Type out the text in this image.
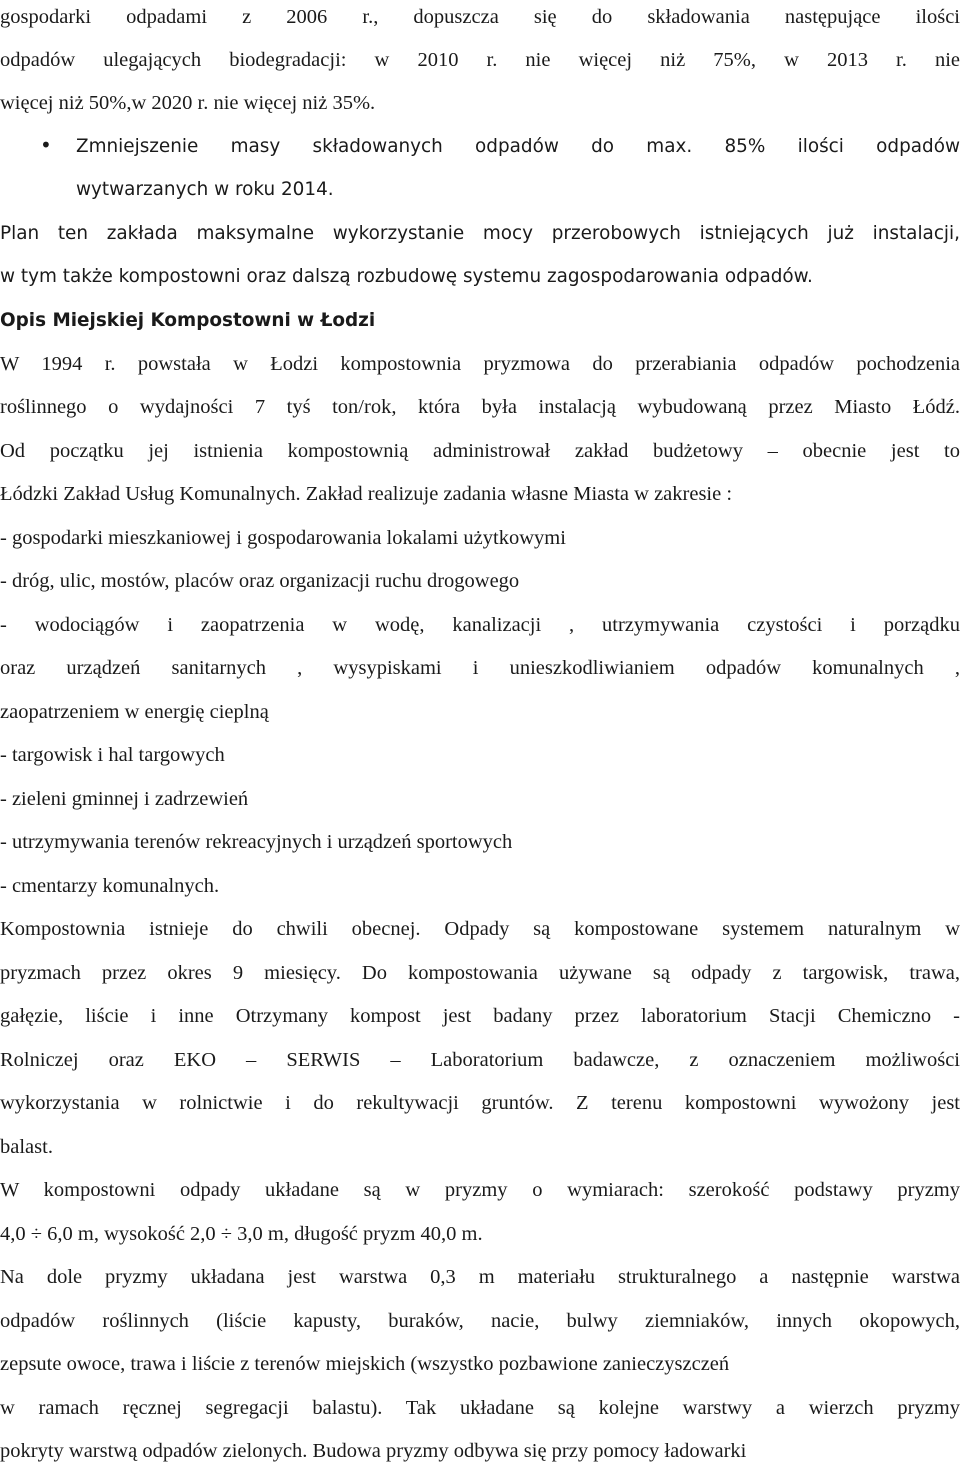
gospodarki odpadami z 2006 r., dopuszcza się do składowania następujące ilości

odpadów ulegających biodegradacji: w 2010 r. nie więcej niż 75%, w 2013 r. nie

więcej niż 50%,w 2020 r. nie więcej niż 35%.

• Zmniejszenie masy składowanych odpadów do max. 85% ilości odpadów

wytwarzanych w roku 2014.

Plan ten zakłada maksymalne wykorzystanie mocy przerobowych istniejących już instalacji,

w tym także kompostowni oraz dalszą rozbudowę systemu zagospodarowania odpadów.

Opis Miejskiej Kompostowni w Łodzi

W 1994 r. powstała w Łodzi kompostownia pryzmowa do przerabiania odpadów pochodzenia

roślinnego o wydajności 7 tyś ton/rok, która była instalacją wybudowaną przez Miasto Łódź.

Od początku jej istnienia kompostownią administrował zakład budżetowy – obecnie jest to

Łódzki Zakład Usług Komunalnych. Zakład realizuje zadania własne Miasta w zakresie :

- gospodarki mieszkaniowej i gospodarowania lokalami użytkowymi

- dróg, ulic, mostów, placów oraz organizacji ruchu drogowego

- wodociągów i zaopatrzenia w wodę, kanalizacji , utrzymywania czystości i porządku

oraz urządzeń sanitarnych , wysypiskami i unieszkodliwianiem odpadów komunalnych ,

zaopatrzeniem w energię cieplną

- targowisk i hal targowych

- zieleni gminnej i zadrzewień

- utrzymywania terenów rekreacyjnych i urządzeń sportowych

- cmentarzy komunalnych.

Kompostownia istnieje do chwili obecnej. Odpady są kompostowane systemem naturalnym w

pryzmach przez okres 9 miesięcy. Do kompostowania używane są odpady z targowisk, trawa,

gałęzie, liście i inne Otrzymany kompost jest badany przez laboratorium Stacji Chemiczno -

Rolniczej oraz EKO – SERWIS – Laboratorium badawcze, z oznaczeniem możliwości

wykorzystania w rolnictwie i do rekultywacji gruntów. Z terenu kompostowni wywożony jest

balast.

W kompostowni odpady układane są w pryzmy o wymiarach: szerokość podstawy pryzmy

4,0 ÷ 6,0 m, wysokość 2,0 ÷ 3,0 m, długość pryzm 40,0 m.

Na dole pryzmy układana jest warstwa 0,3 m materiału strukturalnego a następnie warstwa

odpadów roślinnych (liście kapusty, buraków, nacie, bulwy ziemniaków, innych okopowych,

zepsute owoce, trawa i liście z terenów miejskich (wszystko pozbawione zanieczyszczeń

w ramach ręcznej segregacji balastu). Tak układane są kolejne warstwy a wierzch pryzmy

pokryty warstwą odpadów zielonych. Budowa pryzmy odbywa się przy pomocy ładowarki
